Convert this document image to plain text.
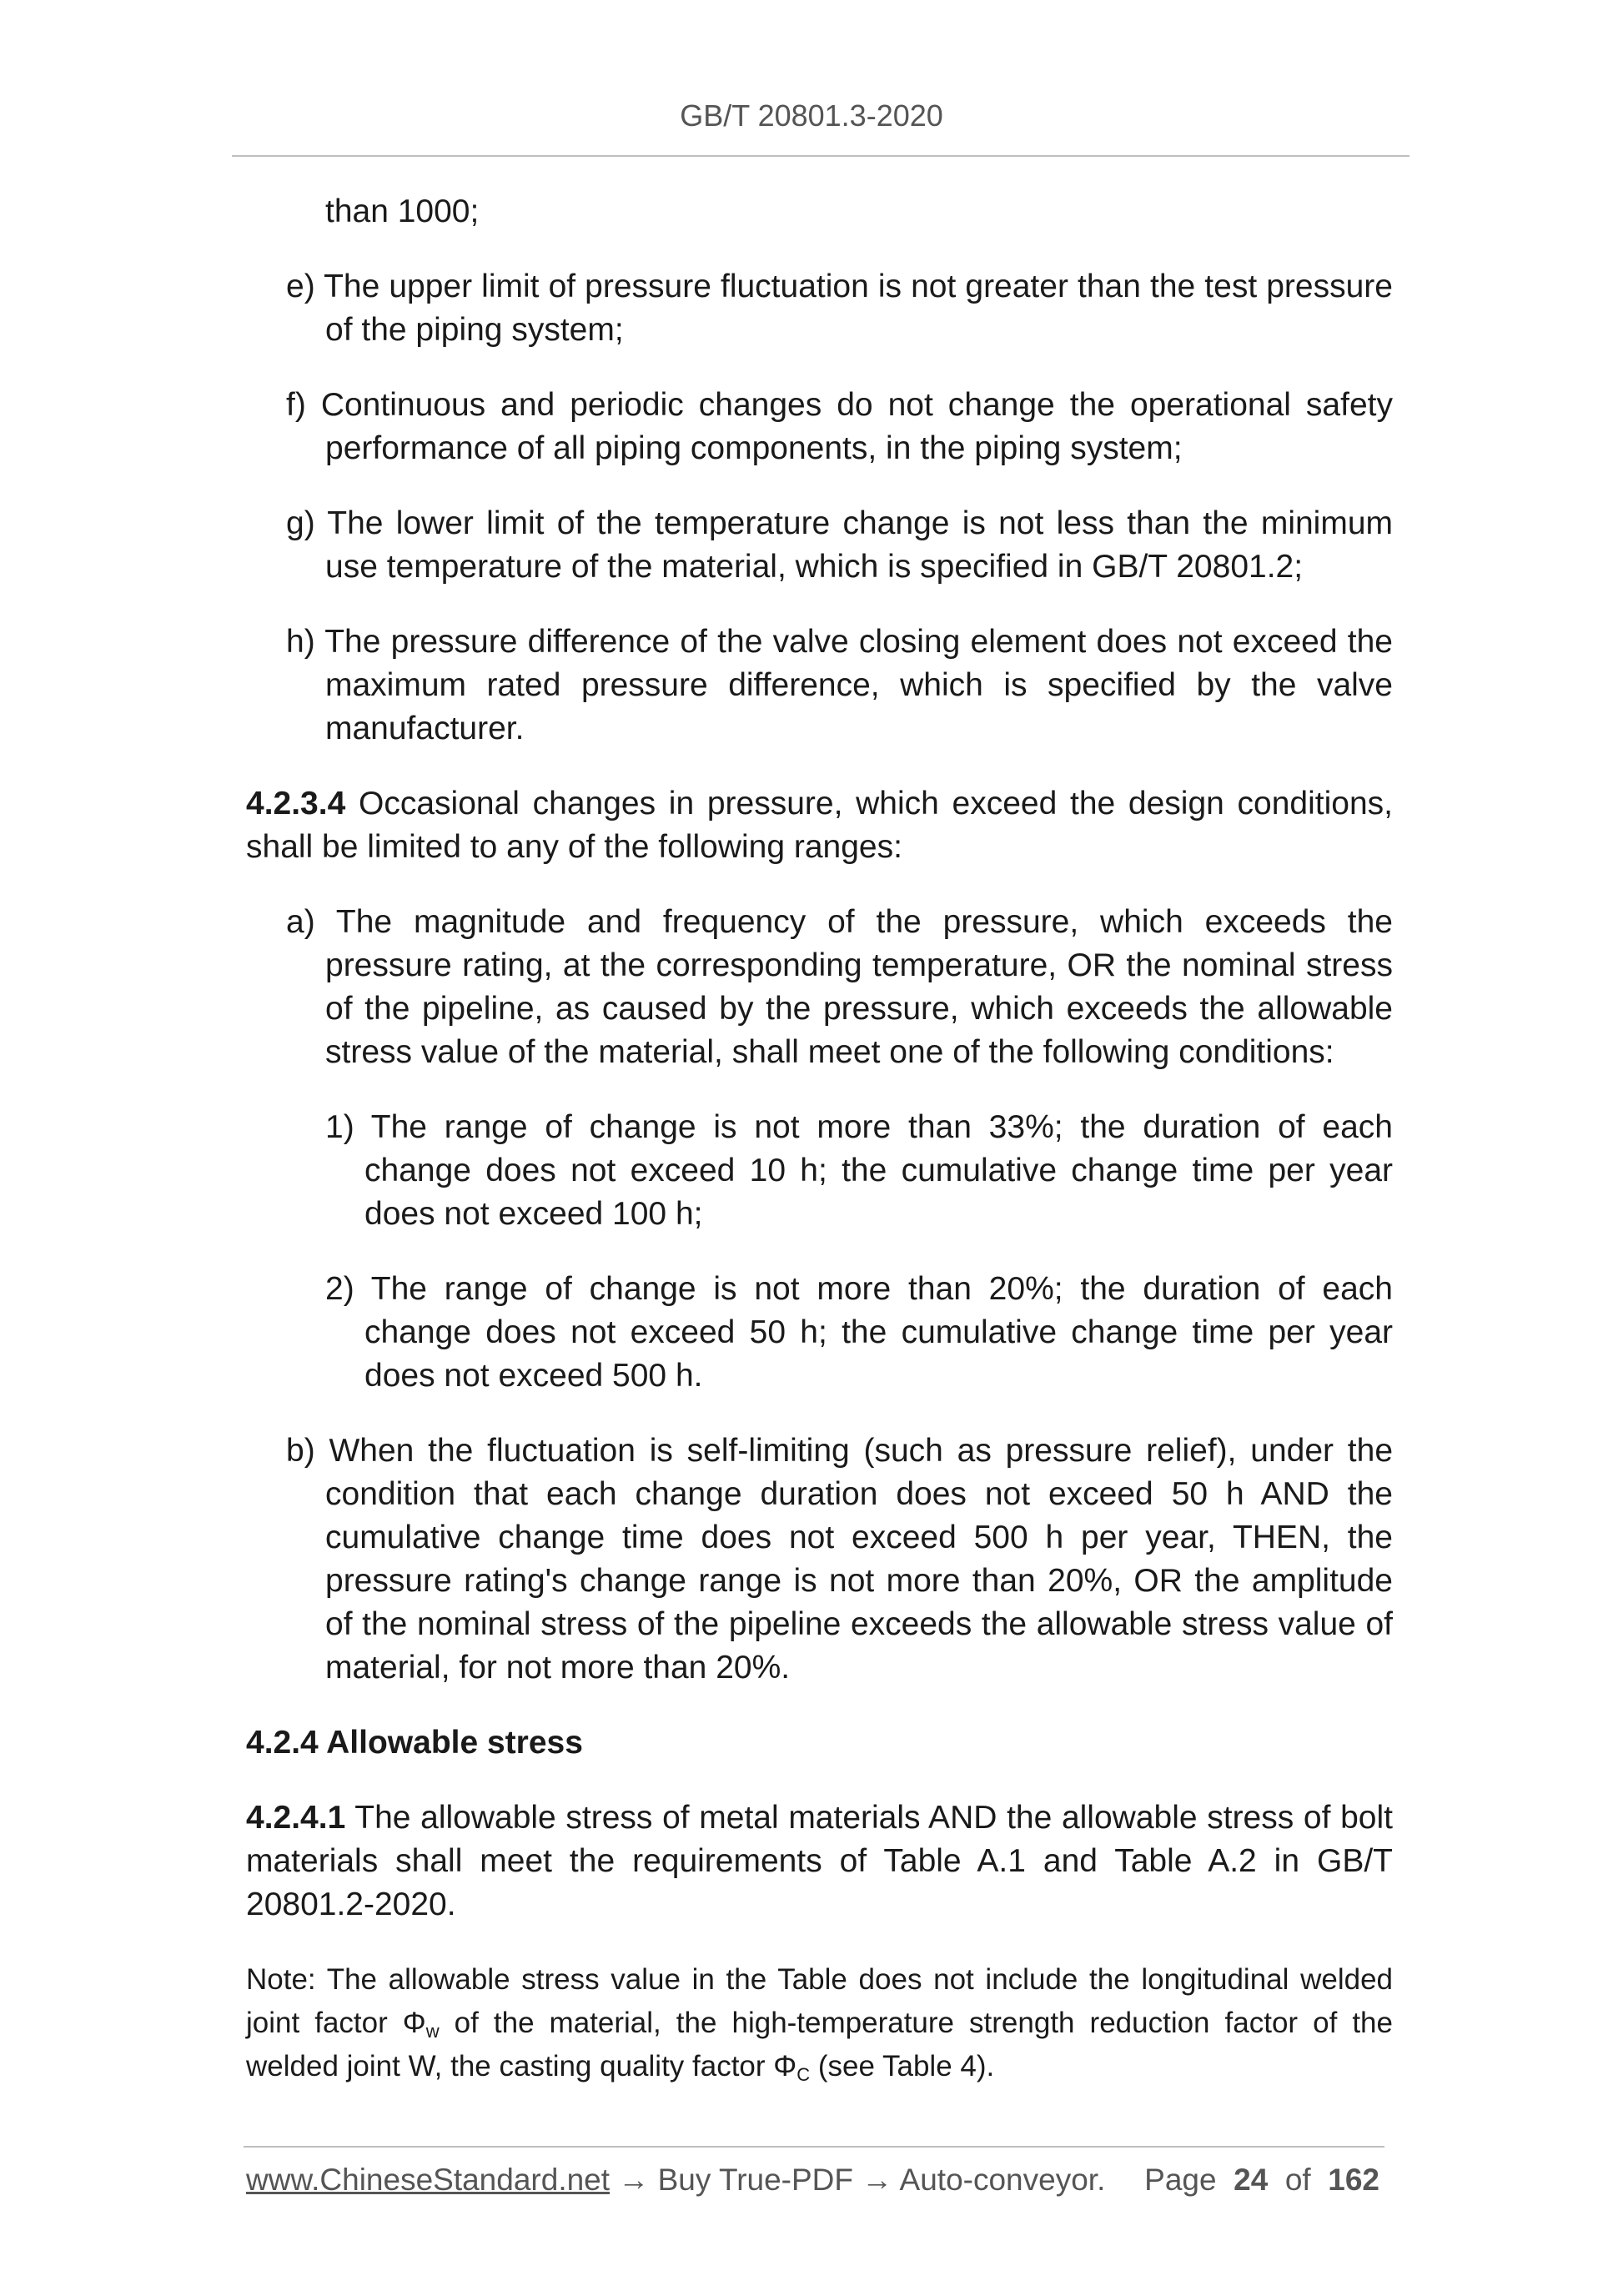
GB/T 20801.3-2020

than 1000;

e) The upper limit of pressure fluctuation is not greater than the test pressure of the piping system;

f) Continuous and periodic changes do not change the operational safety performance of all piping components, in the piping system;

g) The lower limit of the temperature change is not less than the minimum use temperature of the material, which is specified in GB/T 20801.2;

h) The pressure difference of the valve closing element does not exceed the maximum rated pressure difference, which is specified by the valve manufacturer.

4.2.3.4 Occasional changes in pressure, which exceed the design conditions, shall be limited to any of the following ranges:

a) The magnitude and frequency of the pressure, which exceeds the pressure rating, at the corresponding temperature, OR the nominal stress of the pipeline, as caused by the pressure, which exceeds the allowable stress value of the material, shall meet one of the following conditions:

1) The range of change is not more than 33%; the duration of each change does not exceed 10 h; the cumulative change time per year does not exceed 100 h;

2) The range of change is not more than 20%; the duration of each change does not exceed 50 h; the cumulative change time per year does not exceed 500 h.

b) When the fluctuation is self-limiting (such as pressure relief), under the condition that each change duration does not exceed 50 h AND the cumulative change time does not exceed 500 h per year, THEN, the pressure rating's change range is not more than 20%, OR the amplitude of the nominal stress of the pipeline exceeds the allowable stress value of material, for not more than 20%.

4.2.4 Allowable stress

4.2.4.1 The allowable stress of metal materials AND the allowable stress of bolt materials shall meet the requirements of Table A.1 and Table A.2 in GB/T 20801.2-2020.

Note: The allowable stress value in the Table does not include the longitudinal welded joint factor $\Phi_w$ of the material, the high-temperature strength reduction factor of the welded joint W, the casting quality factor $\Phi_C$ (see Table 4).

www.ChineseStandard.net → Buy True-PDF → Auto-conveyor. Page 24 of 162
